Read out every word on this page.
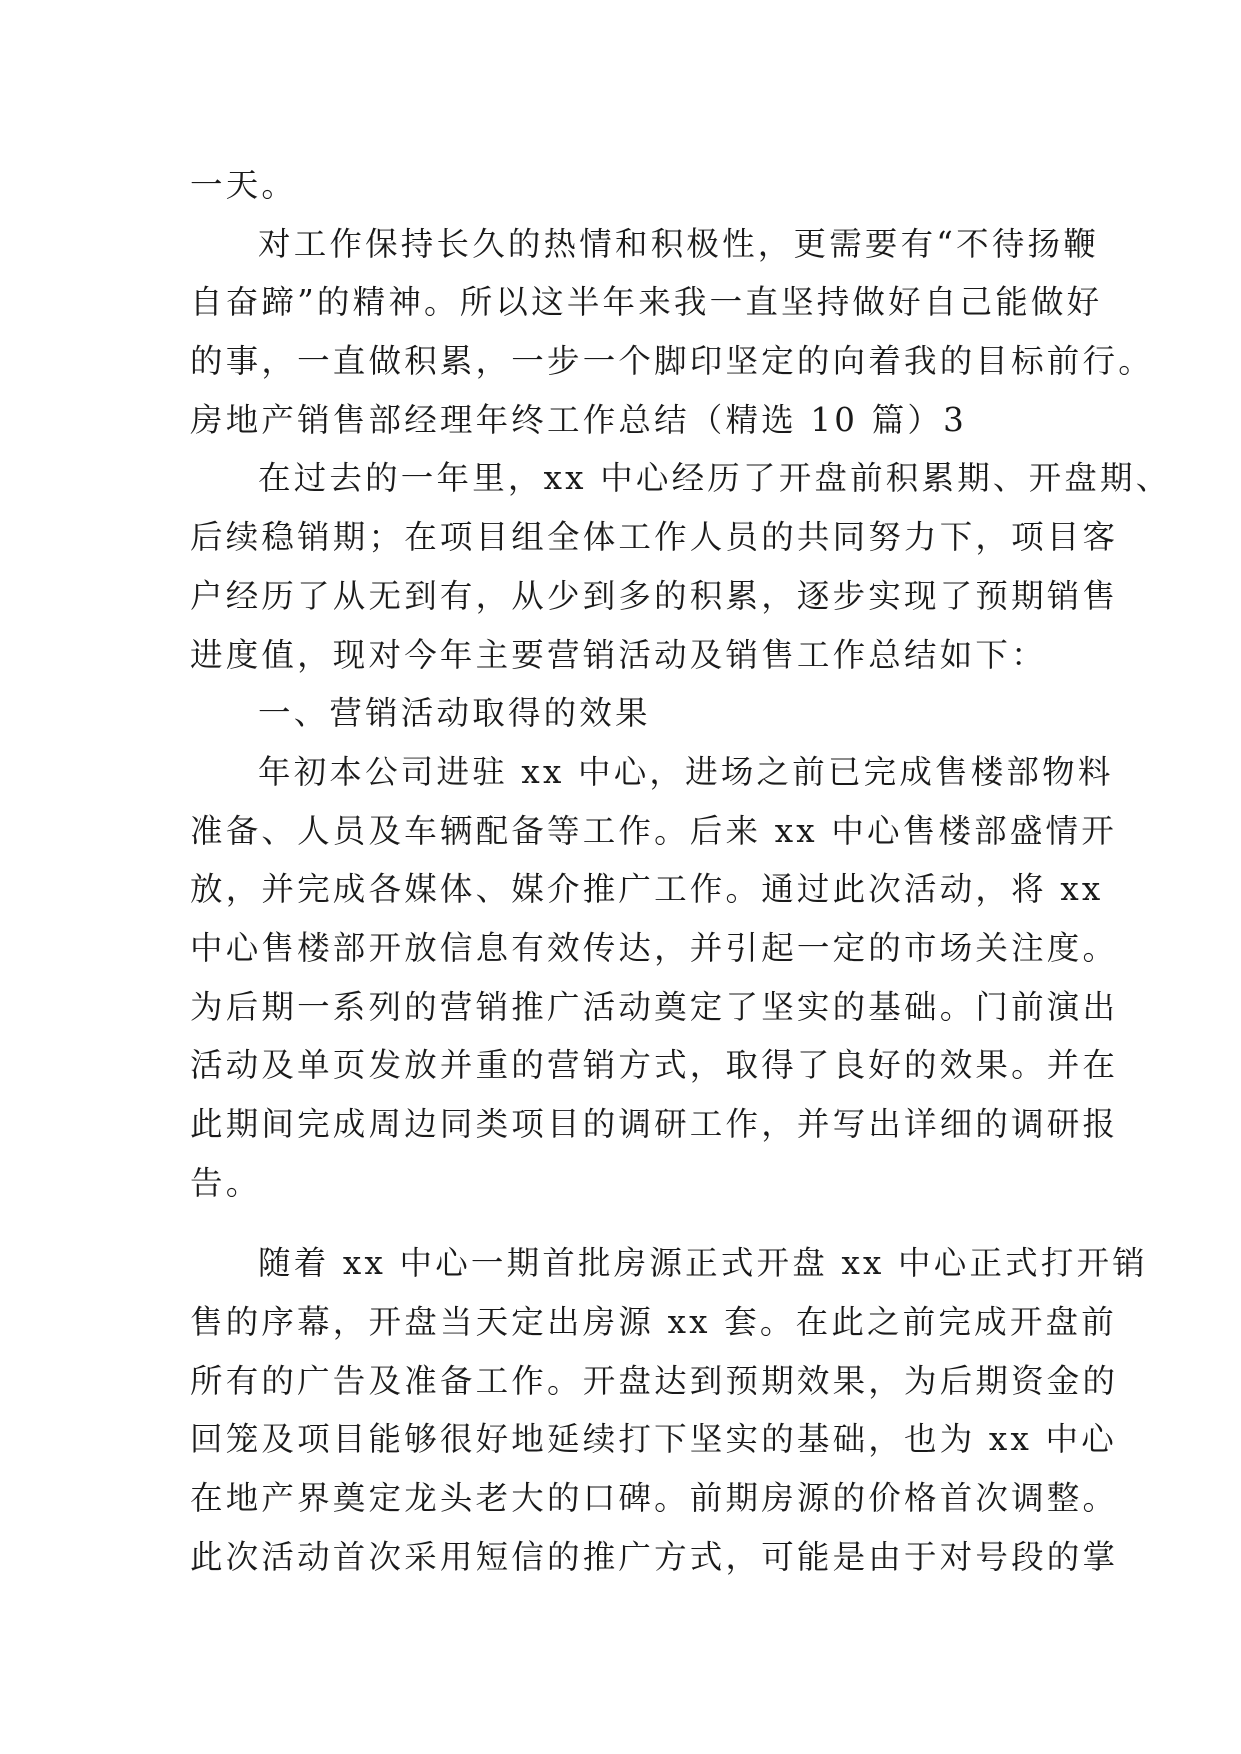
一天。
对工作保持长久的热情和积极性，更需要有“不待扬鞭
自奋蹄”的精神。所以这半年来我一直坚持做好自己能做好
的事，一直做积累，一步一个脚印坚定的向着我的目标前行。
房地产销售部经理年终工作总结（精选 10 篇）3
在过去的一年里，xx 中心经历了开盘前积累期、开盘期、
后续稳销期；在项目组全体工作人员的共同努力下，项目客
户经历了从无到有，从少到多的积累，逐步实现了预期销售
进度值，现对今年主要营销活动及销售工作总结如下：
一、营销活动取得的效果
年初本公司进驻 xx 中心，进场之前已完成售楼部物料
准备、人员及车辆配备等工作。后来 xx 中心售楼部盛情开
放，并完成各媒体、媒介推广工作。通过此次活动，将 xx
中心售楼部开放信息有效传达，并引起一定的市场关注度。
为后期一系列的营销推广活动奠定了坚实的基础。门前演出
活动及单页发放并重的营销方式，取得了良好的效果。并在
此期间完成周边同类项目的调研工作，并写出详细的调研报
告。
随着 xx 中心一期首批房源正式开盘 xx 中心正式打开销
售的序幕，开盘当天定出房源 xx 套。在此之前完成开盘前
所有的广告及准备工作。开盘达到预期效果，为后期资金的
回笼及项目能够很好地延续打下坚实的基础，也为 xx 中心
在地产界奠定龙头老大的口碑。前期房源的价格首次调整。
此次活动首次采用短信的推广方式，可能是由于对号段的掌
